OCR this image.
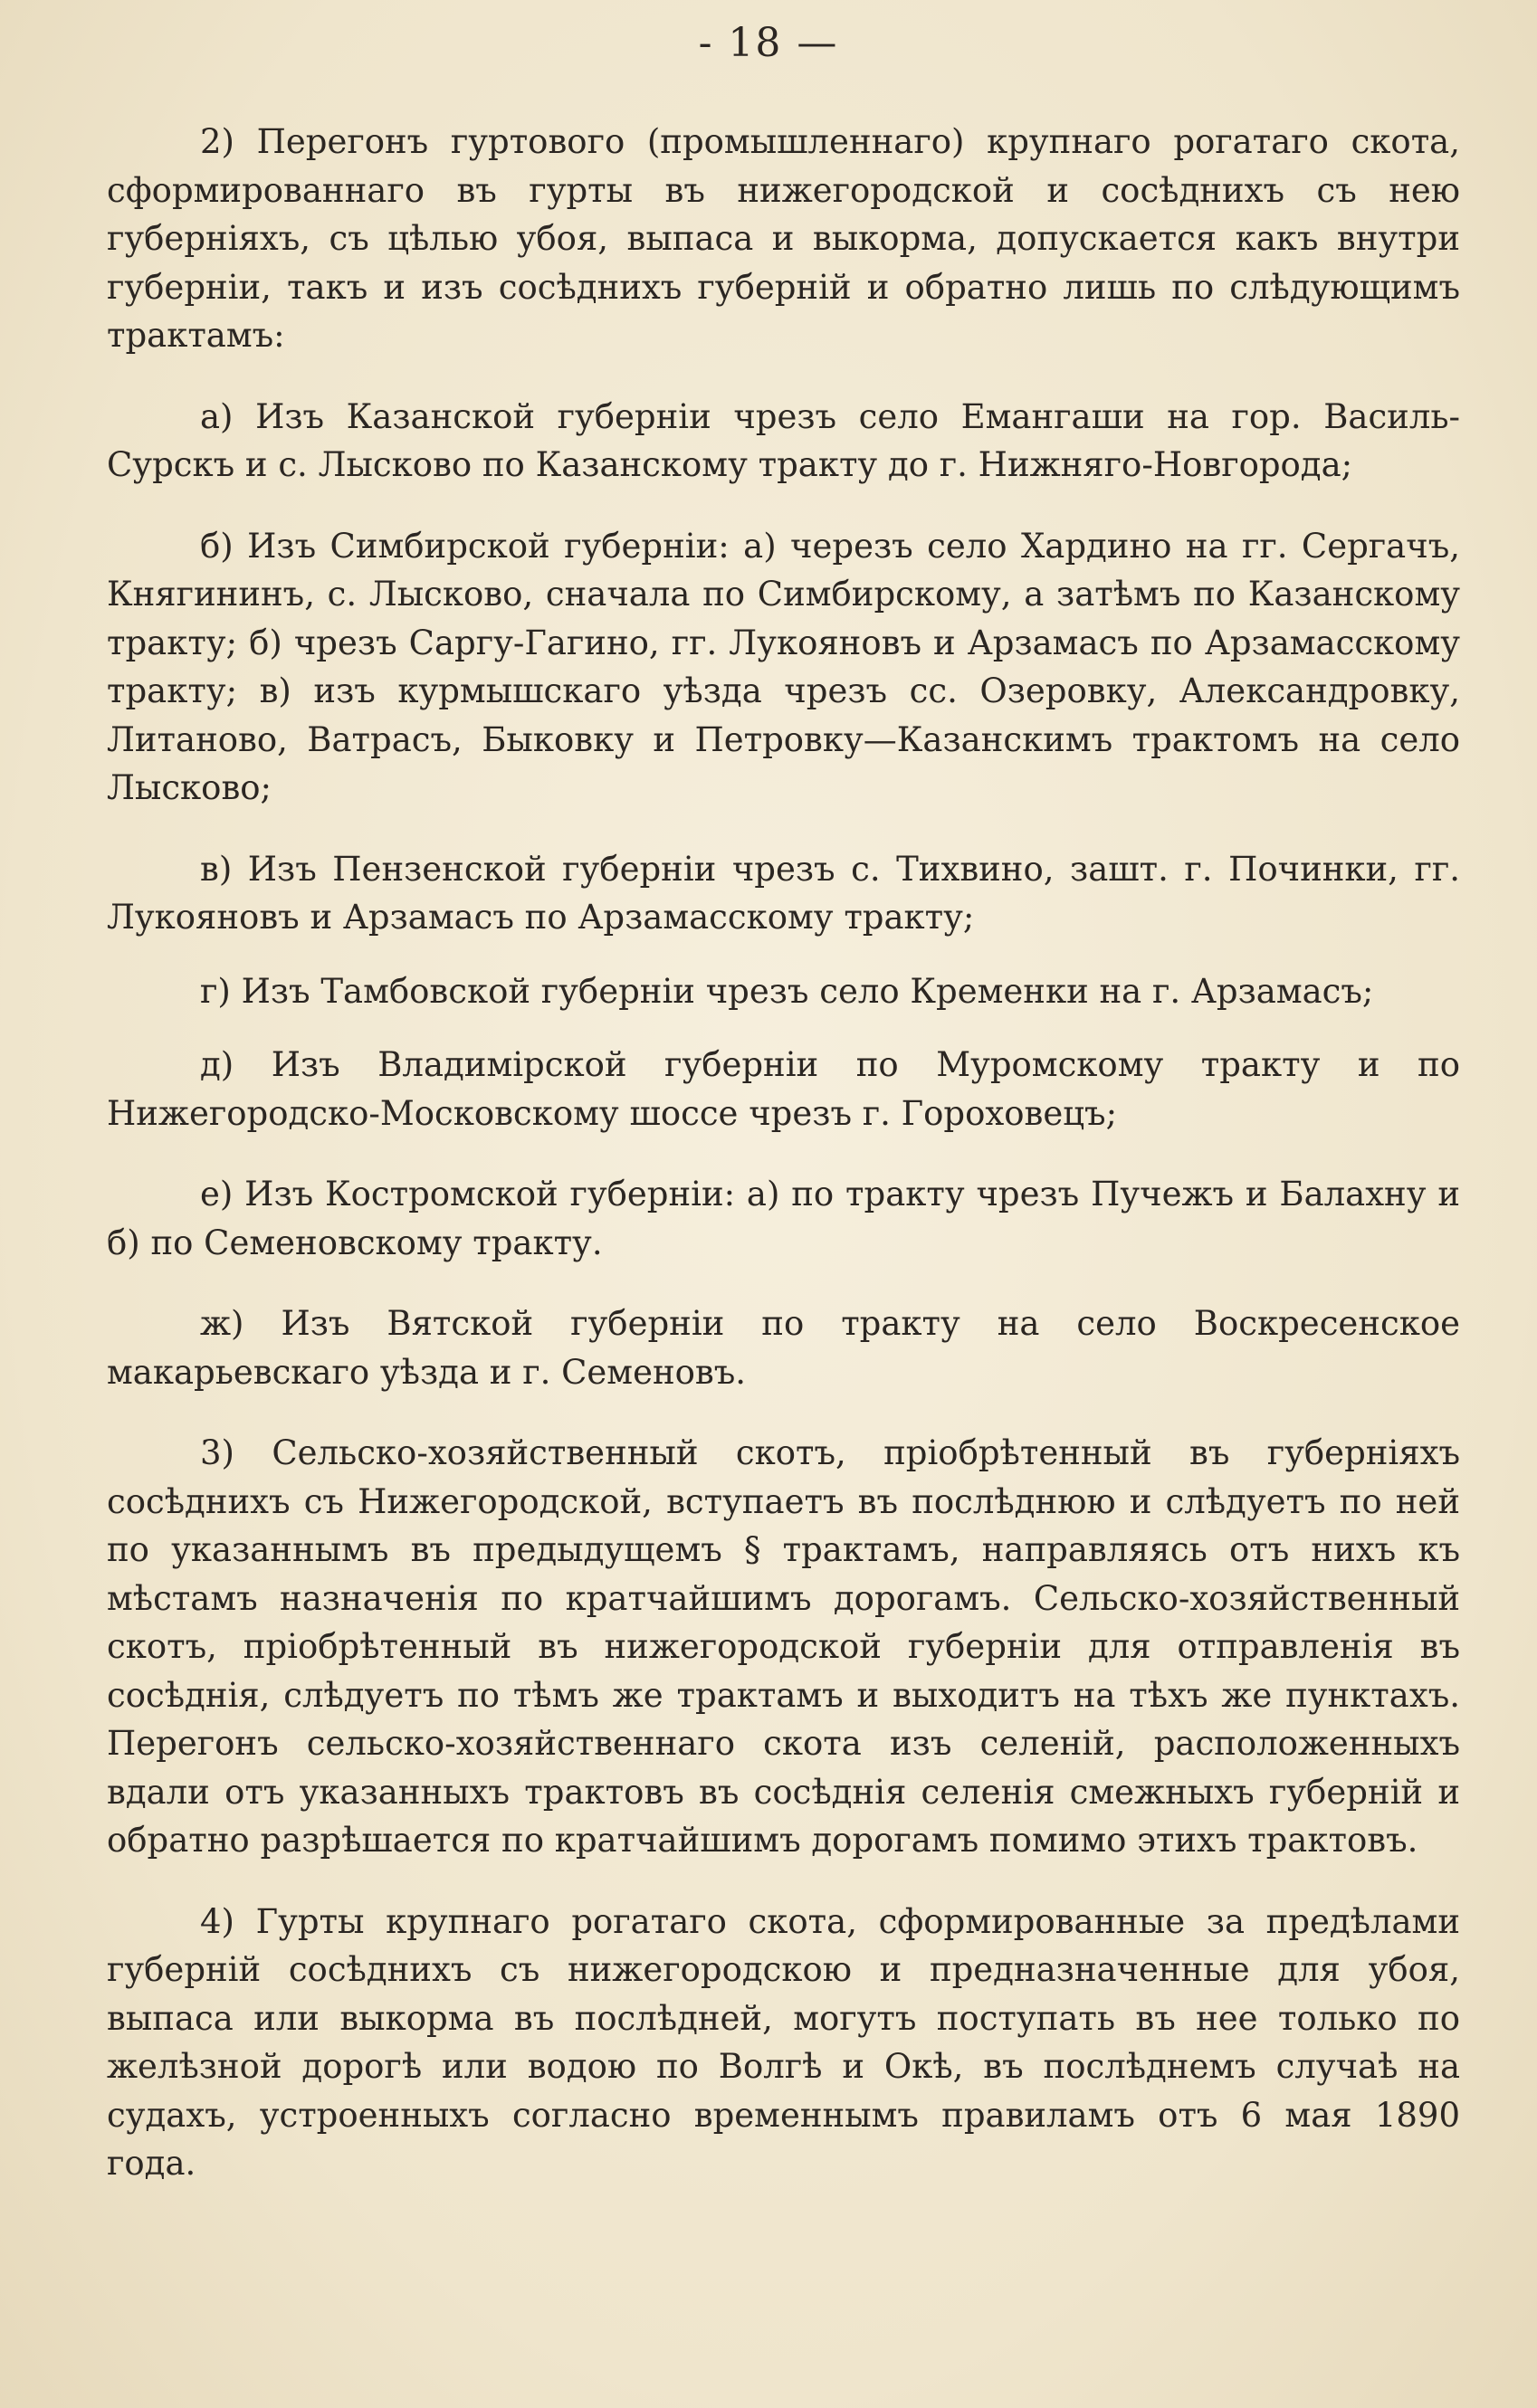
- 18 —

2) Перегонъ гуртового (промышленнаго) крупнаго рогатаго скота, сформированнаго въ гурты въ нижегородской и сосѣднихъ съ нею губерніяхъ, съ цѣлью убоя, выпаса и выкорма, допускается какъ внутри губерніи, такъ и изъ сосѣднихъ губерній и обратно лишь по слѣдующимъ трактамъ:

а) Изъ Казанской губерніи чрезъ село Емангаши на гор. Василь-Сурскъ и с. Лысково по Казанскому тракту до г. Нижняго-Новгорода;

б) Изъ Симбирской губерніи: а) черезъ село Хардино на гг. Сергачъ, Княгининъ, с. Лысково, сначала по Симбирскому, а затѣмъ по Казанскому тракту; б) чрезъ Саргу-Гагино, гг. Лукояновъ и Арзамасъ по Арзамасскому тракту; в) изъ курмышскаго уѣзда чрезъ сс. Озеровку, Александровку, Литаново, Ватрасъ, Быковку и Петровку—Казанскимъ трактомъ на село Лысково;

в) Изъ Пензенской губерніи чрезъ с. Тихвино, зашт. г. Починки, гг. Лукояновъ и Арзамасъ по Арзамасскому тракту;

г) Изъ Тамбовской губерніи чрезъ село Кременки на г. Арзамасъ;

д) Изъ Владимірской губерніи по Муромскому тракту и по Нижегородско-Московскому шоссе чрезъ г. Гороховецъ;

е) Изъ Костромской губерніи: а) по тракту чрезъ Пучежъ и Балахну и б) по Семеновскому тракту.

ж) Изъ Вятской губерніи по тракту на село Воскресенское макарьевскаго уѣзда и г. Семеновъ.

3) Сельско-хозяйственный скотъ, пріобрѣтенный въ губерніяхъ сосѣднихъ съ Нижегородской, вступаетъ въ послѣднюю и слѣдуетъ по ней по указаннымъ въ предыдущемъ § трактамъ, направляясь отъ нихъ къ мѣстамъ назначенія по кратчайшимъ дорогамъ. Сельско-хозяйственный скотъ, пріобрѣтенный въ нижегородской губерніи для отправленія въ сосѣднія, слѣдуетъ по тѣмъ же трактамъ и выходитъ на тѣхъ же пунктахъ. Перегонъ сельско-хозяйственнаго скота изъ селеній, расположенныхъ вдали отъ указанныхъ трактовъ въ сосѣднія селенія смежныхъ губерній и обратно разрѣшается по кратчайшимъ дорогамъ помимо этихъ трактовъ.

4) Гурты крупнаго рогатаго скота, сформированные за предѣлами губерній сосѣднихъ съ нижегородскою и предназначенные для убоя, выпаса или выкорма въ послѣдней, могутъ поступать въ нее только по желѣзной дорогѣ или водою по Волгѣ и Окѣ, въ послѣднемъ случаѣ на судахъ, устроенныхъ согласно временнымъ правиламъ отъ 6 мая 1890 года.
